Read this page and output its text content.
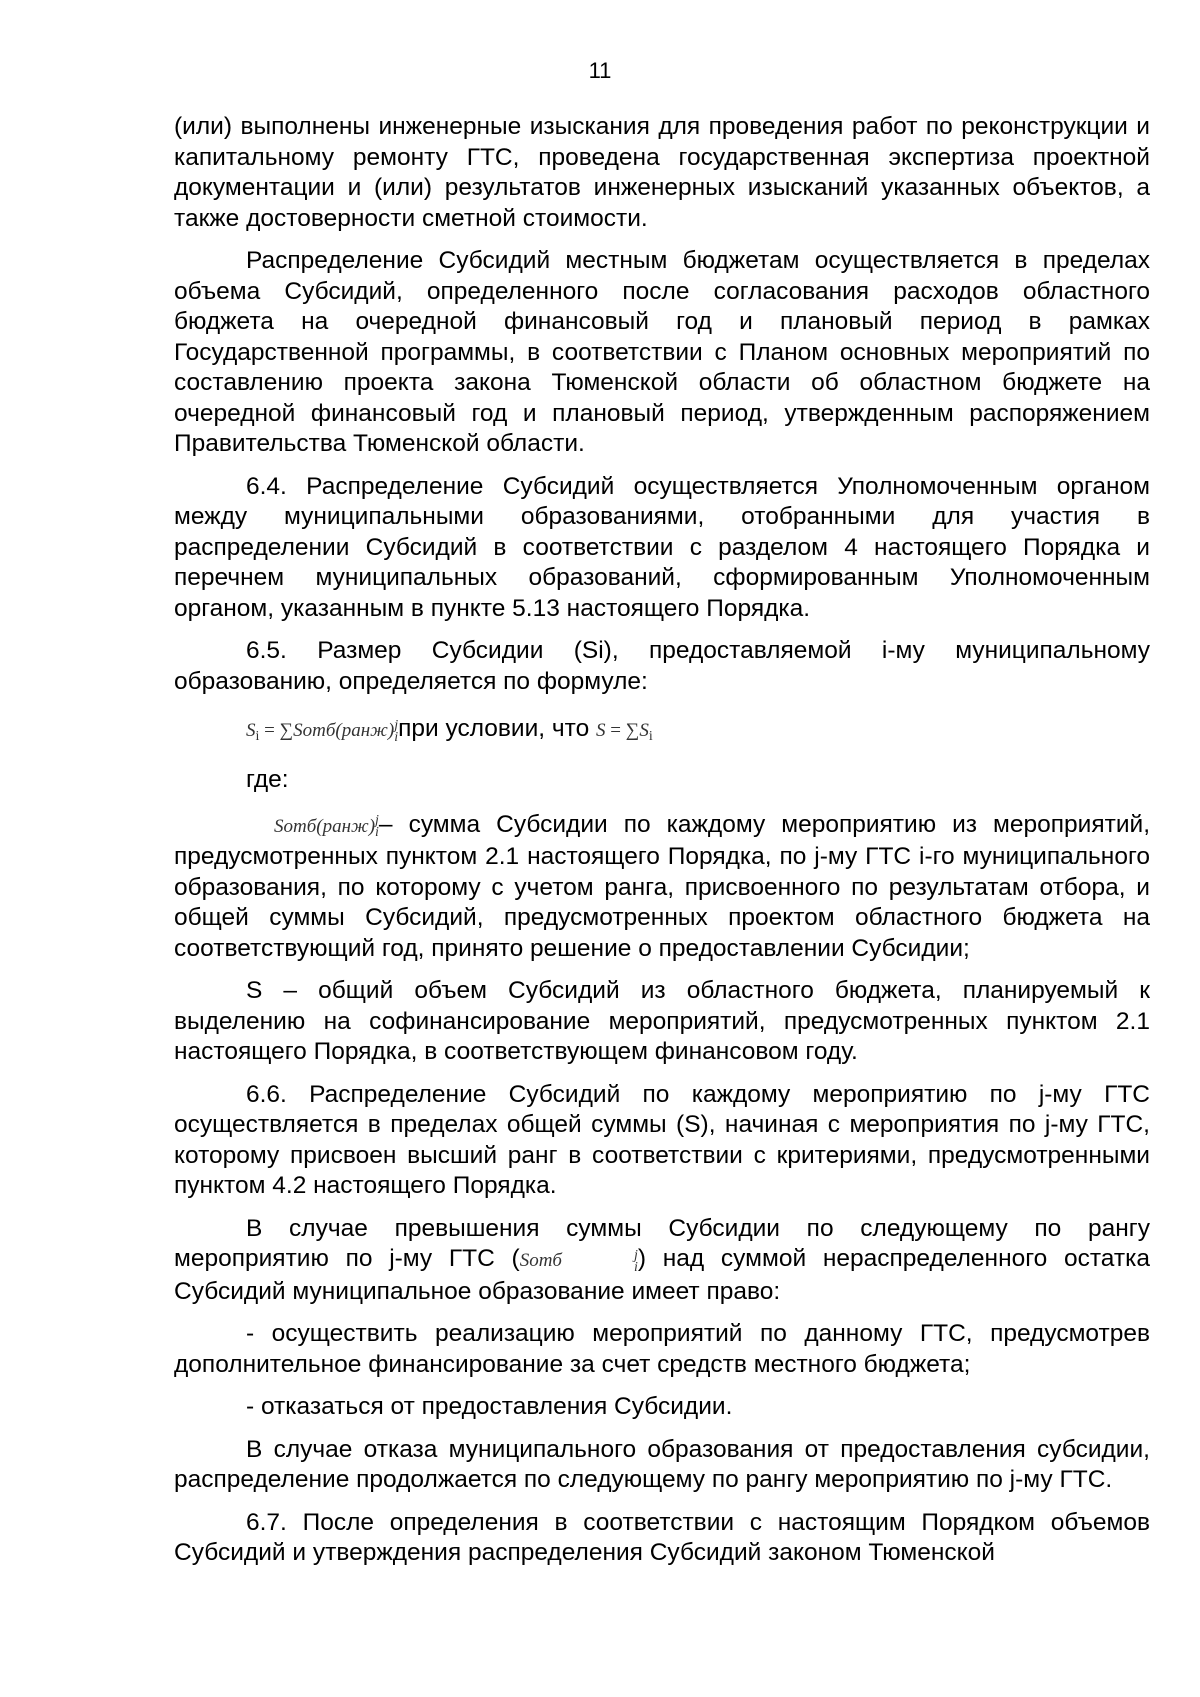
11

(или) выполнены инженерные изыскания для проведения работ по реконструкции и капитальному ремонту ГТС, проведена государственная экспертиза проектной документации и (или) результатов инженерных изысканий указанных объектов, а также достоверности сметной стоимости.

Распределение Субсидий местным бюджетам осуществляется в пределах объема Субсидий, определенного после согласования расходов областного бюджета на очередной финансовый год и плановый период в рамках Государственной программы, в соответствии с Планом основных мероприятий по составлению проекта закона Тюменской области об областном бюджете на очередной финансовый год и плановый период, утвержденным распоряжением Правительства Тюменской области.

6.4. Распределение Субсидий осуществляется Уполномоченным органом между муниципальными образованиями, отобранными для участия в распределении Субсидий в соответствии с разделом 4 настоящего Порядка и перечнем муниципальных образований, сформированным Уполномоченным органом, указанным в пункте 5.13 настоящего Порядка.

6.5. Размер Субсидии (Si), предоставляемой i-му муниципальному образованию, определяется по формуле:

$S_i$ = ∑Sотб(ранж) j
i при условии, что $S = \sum S_i$
где:

Sотб(ранж) j
i – сумма Субсидии по каждому мероприятию из мероприятий, предусмотренных пунктом 2.1 настоящего Порядка, по j-му ГТС i-го муниципального образования, по которому с учетом ранга, присвоенного по результатам отбора, и общей суммы Субсидий, предусмотренных проектом областного бюджета на соответствующий год, принято решение о предоставлении Субсидии;

S – общий объем Субсидий из областного бюджета, планируемый к выделению на софинансирование мероприятий, предусмотренных пунктом 2.1 настоящего Порядка, в соответствующем финансовом году.

6.6. Распределение Субсидий по каждому мероприятию по j-му ГТС осуществляется в пределах общей суммы (S), начиная с мероприятия по j-му ГТС, которому присвоен высший ранг в соответствии с критериями, предусмотренными пунктом 4.2 настоящего Порядка.

В случае превышения суммы Субсидии по следующему по рангу мероприятию по j-му ГТС (Sотб	j
i ) над суммой нераспределенного остатка Субсидий муниципальное образование имеет право:

- осуществить реализацию мероприятий по данному ГТС, предусмотрев дополнительное финансирование за счет средств местного бюджета;

- отказаться от предоставления Субсидии.

В случае отказа муниципального образования от предоставления субсидии, распределение продолжается по следующему по рангу мероприятию по j-му ГТС.

6.7. После определения в соответствии с настоящим Порядком объемов Субсидий и утверждения распределения Субсидий законом Тюменской
